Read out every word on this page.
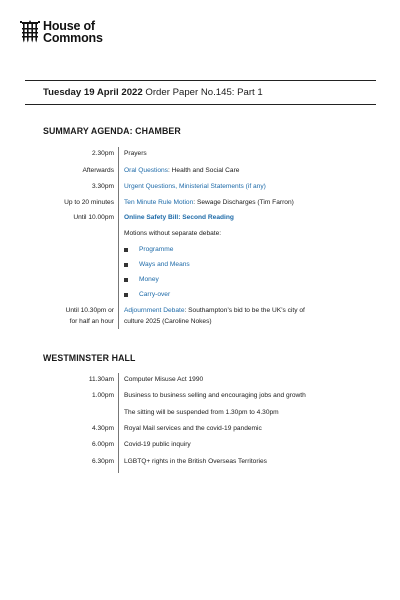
House of
Commons
Tuesday 19 April 2022 Order Paper No.145: Part 1
SUMMARY AGENDA: CHAMBER
2.30pm Prayers
Afterwards Oral Questions: Health and Social Care
3.30pm Urgent Questions, Ministerial Statements (if any)
Up to 20 minutes Ten Minute Rule Motion: Sewage Discharges (Tim Farron)
Until 10.00pm Online Safety Bill: Second Reading
Motions without separate debate:
Programme
Ways and Means
Money
Carry-over
Until 10.30pm or
for half an hour
Adjournment Debate: Southampton’s bid to be the UK’s city of
culture 2025 (Caroline Nokes)
WESTMINSTER HALL
11.30am Computer Misuse Act 1990
1.00pm Business to business selling and encouraging jobs and growth
The sitting will be suspended from 1.30pm to 4.30pm
4.30pm Royal Mail services and the covid-19 pandemic
6.00pm Covid-19 public inquiry
6.30pm LGBTQ+ rights in the British Overseas Territories
